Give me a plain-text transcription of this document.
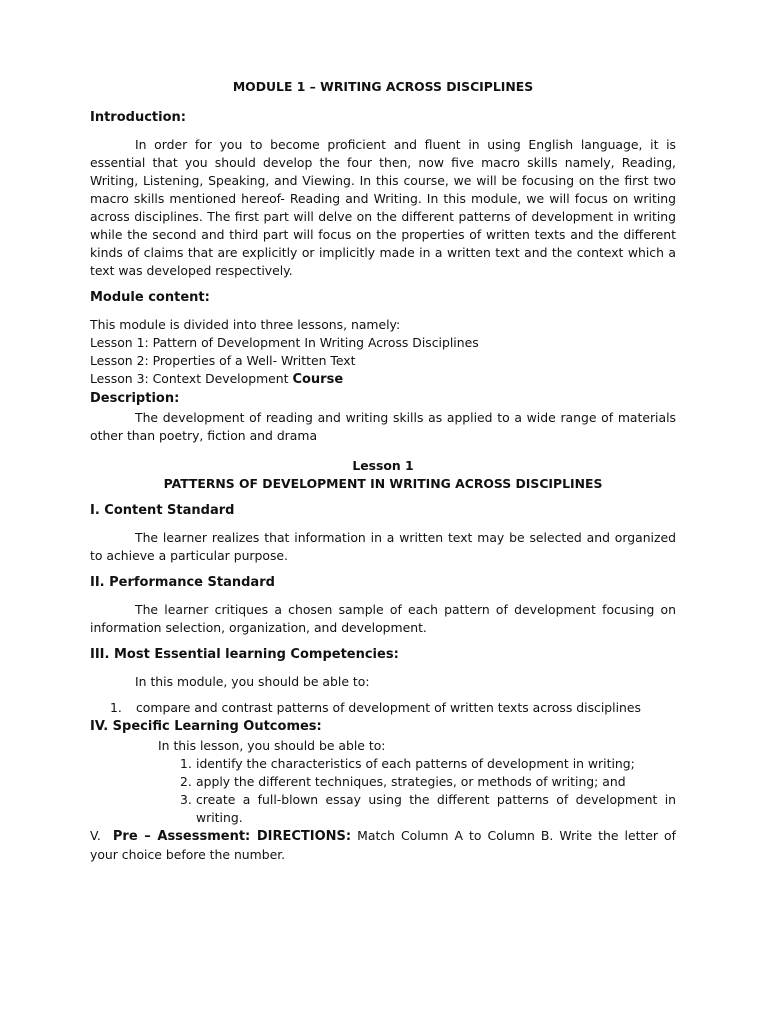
MODULE 1 – WRITING ACROSS DISCIPLINES

Introduction:

In order for you to become proficient and fluent in using English language, it is essential that you should develop the four then, now five macro skills namely, Reading, Writing, Listening, Speaking, and Viewing. In this course, we will be focusing on the first two macro skills mentioned hereof- Reading and Writing. In this module, we will focus on writing across disciplines. The first part will delve on the different patterns of development in writing while the second and third part will focus on the properties of written texts and the different kinds of claims that are explicitly or implicitly made in a written text and the context which a text was developed respectively.

Module content:

This module is divided into three lessons, namely:

Lesson 1: Pattern of Development In Writing Across Disciplines

Lesson 2: Properties of a Well- Written Text

Lesson 3: Context Development Course

Description:

The development of reading and writing skills as applied to a wide range of materials other than poetry, fiction and drama

Lesson 1

PATTERNS OF DEVELOPMENT IN WRITING ACROSS DISCIPLINES

I. Content Standard

The learner realizes that information in a written text may be selected and organized to achieve a particular purpose.

II. Performance Standard

The learner critiques a chosen sample of each pattern of development focusing on information selection, organization, and development.

III. Most Essential learning Competencies:

In this module, you should be able to:

1.	compare and contrast patterns of development of written texts across disciplines

IV. Specific Learning Outcomes:

In this lesson, you should be able to:

1. identify the characteristics of each patterns of development in writing;
2. apply the different techniques, strategies, or methods of writing; and
3. create a full-blown essay using the different patterns of development in writing.

V. Pre – Assessment: DIRECTIONS: Match Column A to Column B. Write the letter of your choice before the number.
